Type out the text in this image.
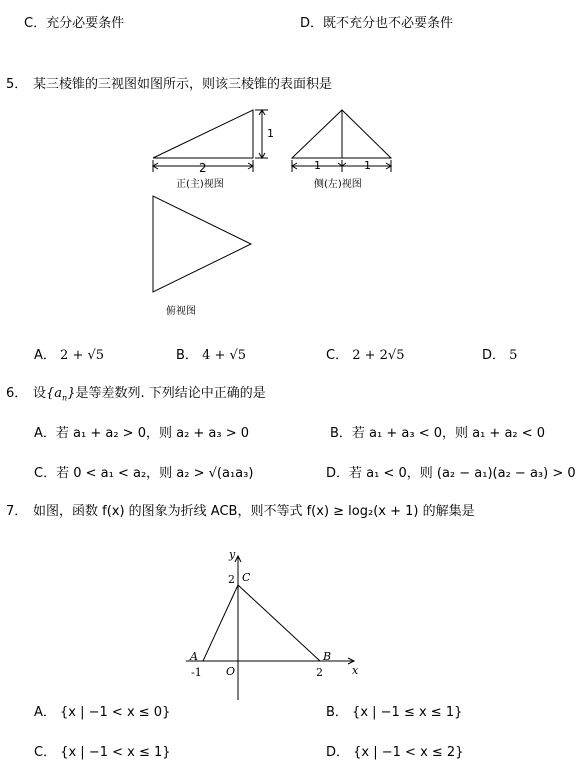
C．充分必要条件	D．既不充分也不必要条件
5． 某三棱锥的三视图如图所示，则该三棱锥的表面积是
1
2
正(主)视图
1	1
侧(左)视图
俯视图
A． 2 + √5	B． 4 + √5	C． 2 + 2√5	D． 5
6． 设$\{a_n\}$是等差数列. 下列结论中正确的是
A．若 a₁ + a₂ > 0，则 a₂ + a₃ > 0	B．若 a₁ + a₃ < 0，则 a₁ + a₂ < 0
C．若 0 < a₁ < a₂，则 a₂ > √(a₁a₃)	D．若 a₁ < 0，则 (a₂ − a₁)(a₂ − a₃) > 0
7． 如图，函数 f(x) 的图象为折线 ACB，则不等式 f(x) ≥ log₂(x + 1) 的解集是
y
x
2 C
A	B
-1 O	2
A． {x | −1 < x ≤ 0}	B． {x | −1 ≤ x ≤ 1}
C． {x | −1 < x ≤ 1}	D． {x | −1 < x ≤ 2}
